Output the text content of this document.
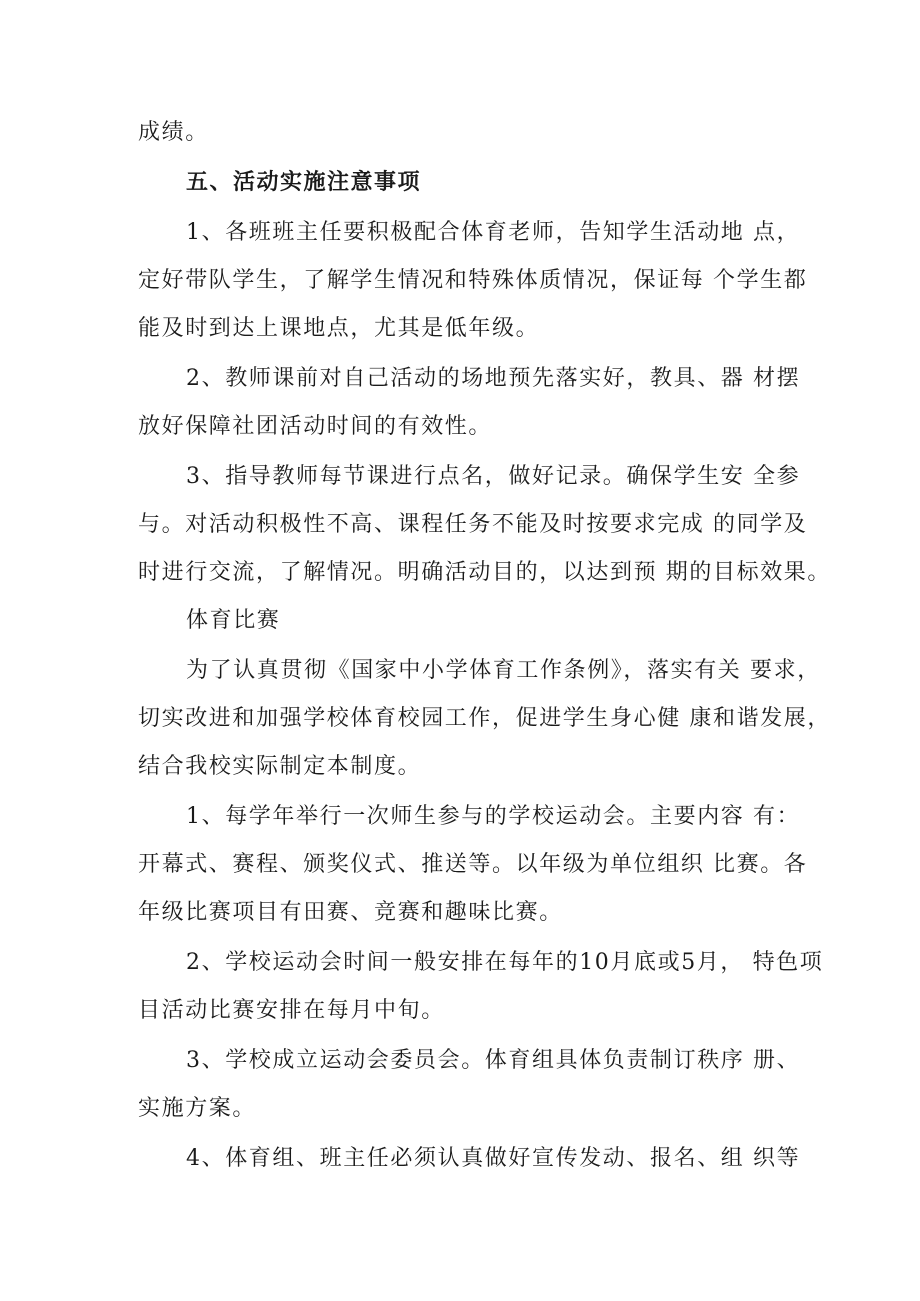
成绩。
五、活动实施注意事项
1、各班班主任要积极配合体育老师，告知学生活动地 点，
定好带队学生，了解学生情况和特殊体质情况，保证每 个学生都
能及时到达上课地点，尤其是低年级。
2、教师课前对自己活动的场地预先落实好，教具、器 材摆
放好保障社团活动时间的有效性。
3、指导教师每节课进行点名，做好记录。确保学生安 全参
与。对活动积极性不高、课程任务不能及时按要求完成 的同学及
时进行交流，了解情况。明确活动目的，以达到预 期的目标效果。
体育比赛
为了认真贯彻《国家中小学体育工作条例》，落实有关 要求，
切实改进和加强学校体育校园工作，促进学生身心健 康和谐发展，
结合我校实际制定本制度。
1、每学年举行一次师生参与的学校运动会。主要内容 有：
开幕式、赛程、颁奖仪式、推送等。以年级为单位组织 比赛。各
年级比赛项目有田赛、竞赛和趣味比赛。
2、学校运动会时间一般安排在每年的10月底或5月， 特色项
目活动比赛安排在每月中旬。
3、学校成立运动会委员会。体育组具体负责制订秩序 册、
实施方案。
4、体育组、班主任必须认真做好宣传发动、报名、组 织等
